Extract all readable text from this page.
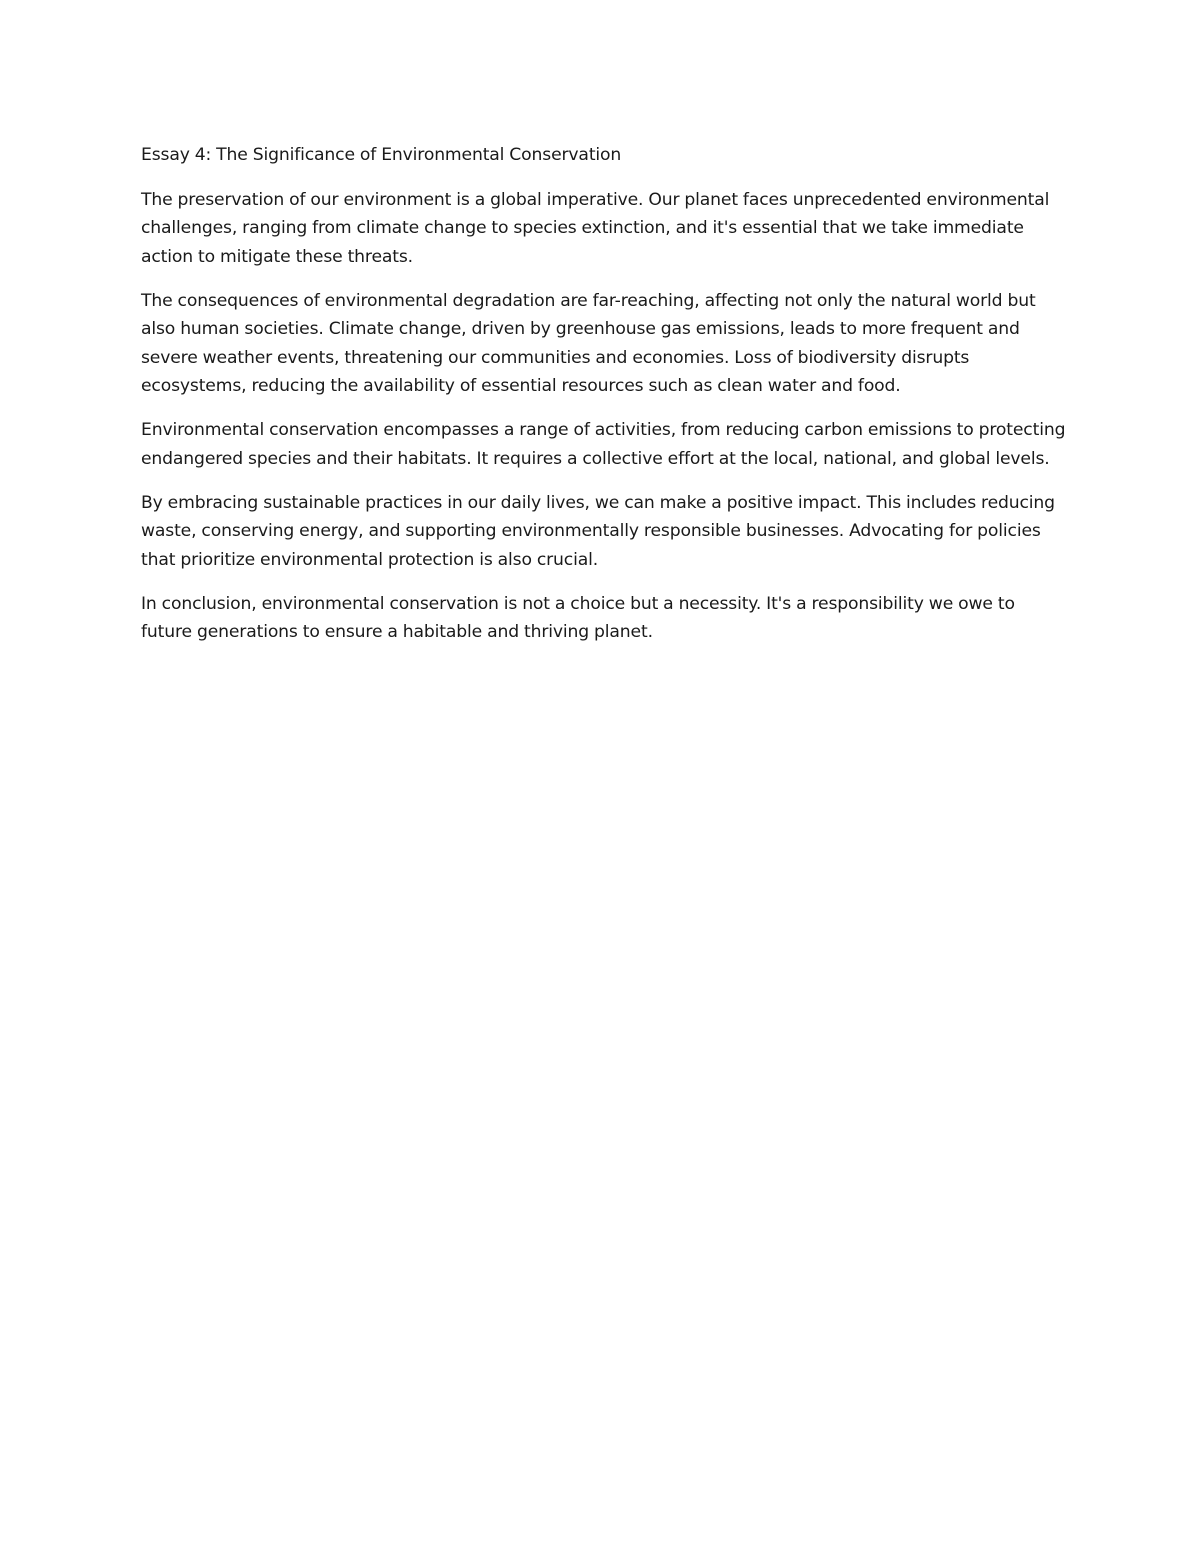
Essay 4: The Significance of Environmental Conservation

The preservation of our environment is a global imperative. Our planet faces unprecedented environmental challenges, ranging from climate change to species extinction, and it's essential that we take immediate action to mitigate these threats.

The consequences of environmental degradation are far-reaching, affecting not only the natural world but also human societies. Climate change, driven by greenhouse gas emissions, leads to more frequent and severe weather events, threatening our communities and economies. Loss of biodiversity disrupts ecosystems, reducing the availability of essential resources such as clean water and food.

Environmental conservation encompasses a range of activities, from reducing carbon emissions to protecting endangered species and their habitats. It requires a collective effort at the local, national, and global levels.

By embracing sustainable practices in our daily lives, we can make a positive impact. This includes reducing waste, conserving energy, and supporting environmentally responsible businesses. Advocating for policies that prioritize environmental protection is also crucial.

In conclusion, environmental conservation is not a choice but a necessity. It's a responsibility we owe to future generations to ensure a habitable and thriving planet.
